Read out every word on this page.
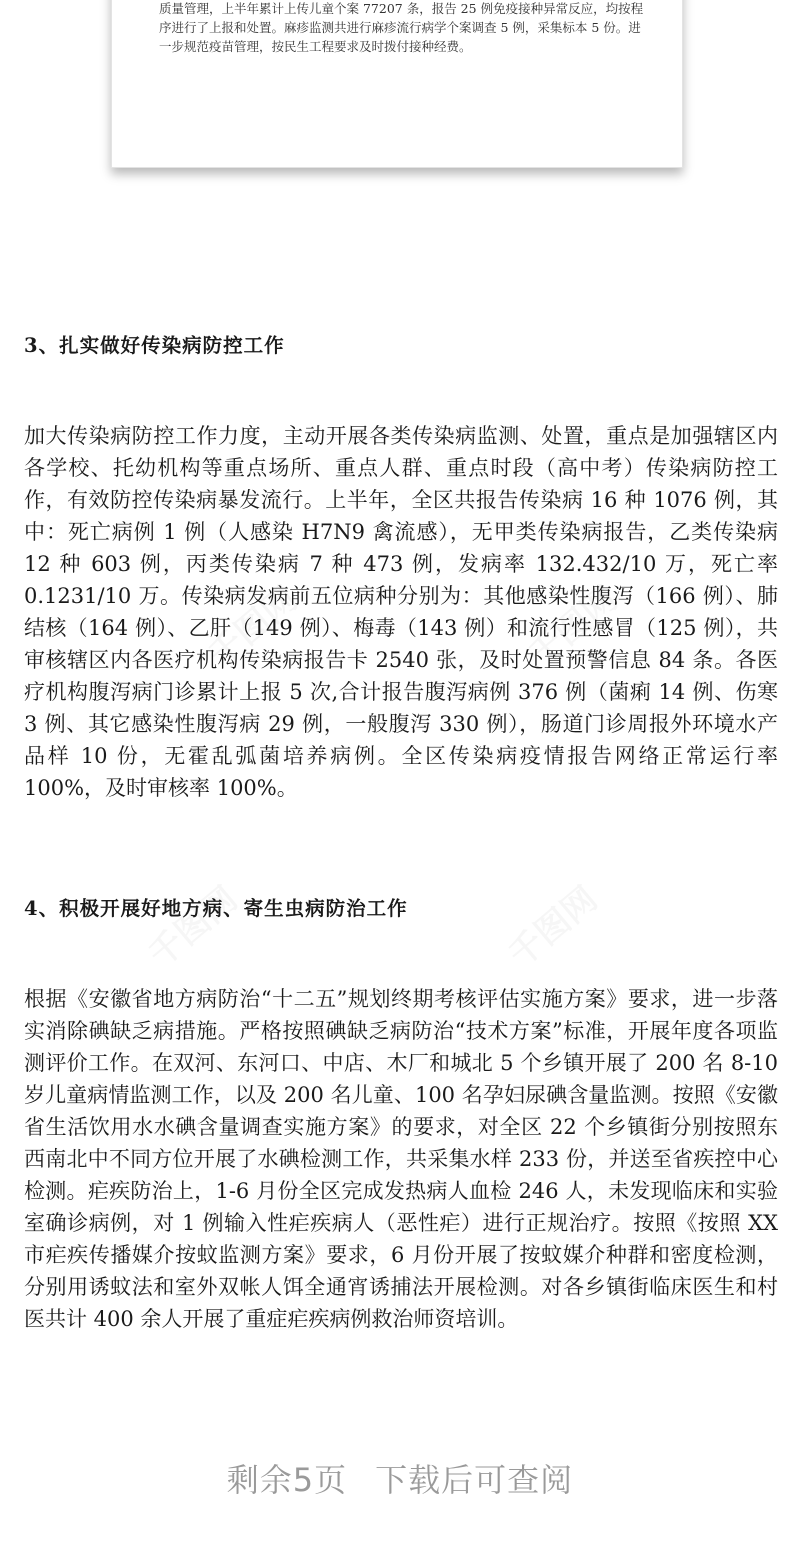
质量管理，上半年累计上传儿童个案 77207 条，报告 25 例免疫接种异常反应，均按程序进行了上报和处置。麻疹监测共进行麻疹流行病学个案调查 5 例，采集标本 5 份。进一步规范疫苗管理，按民生工程要求及时拨付接种经费。

3、扎实做好传染病防控工作

加大传染病防控工作力度，主动开展各类传染病监测、处置，重点是加强辖区内各学校、托幼机构等重点场所、重点人群、重点时段（高中考）传染病防控工作，有效防控传染病暴发流行。上半年，全区共报告传染病 16 种 1076 例，其中：死亡病例 1 例（人感染 H7N9 禽流感），无甲类传染病报告，乙类传染病 12 种 603 例，丙类传染病 7 种 473 例，发病率 132.432/10 万，死亡率 0.1231/10 万。传染病发病前五位病种分别为：其他感染性腹泻（166 例）、肺结核（164 例）、乙肝（149 例）、梅毒（143 例）和流行性感冒（125 例），共审核辖区内各医疗机构传染病报告卡 2540 张，及时处置预警信息 84 条。各医疗机构腹泻病门诊累计上报 5 次,合计报告腹泻病例 376 例（菌痢 14 例、伤寒 3 例、其它感染性腹泻病 29 例，一般腹泻 330 例），肠道门诊周报外环境水产品样 10 份，无霍乱弧菌培养病例。全区传染病疫情报告网络正常运行率 100%，及时审核率 100%。

4、积极开展好地方病、寄生虫病防治工作

根据《安徽省地方病防治“十二五”规划终期考核评估实施方案》要求，进一步落实消除碘缺乏病措施。严格按照碘缺乏病防治“技术方案”标准，开展年度各项监测评价工作。在双河、东河口、中店、木厂和城北 5 个乡镇开展了 200 名 8-10 岁儿童病情监测工作，以及 200 名儿童、100 名孕妇尿碘含量监测。按照《安徽省生活饮用水水碘含量调查实施方案》的要求，对全区 22 个乡镇街分别按照东西南北中不同方位开展了水碘检测工作，共采集水样 233 份，并送至省疾控中心检测。疟疾防治上，1-6 月份全区完成发热病人血检 246 人，未发现临床和实验室确诊病例，对 1 例输入性疟疾病人（恶性疟）进行正规治疗。按照《按照 XX 市疟疾传播媒介按蚊监测方案》要求，6 月份开展了按蚊媒介种群和密度检测，分别用诱蚊法和室外双帐人饵全通宵诱捕法开展检测。对各乡镇街临床医生和村医共计 400 余人开展了重症疟疾病例救治师资培训。

剩余5页 下载后可查阅
